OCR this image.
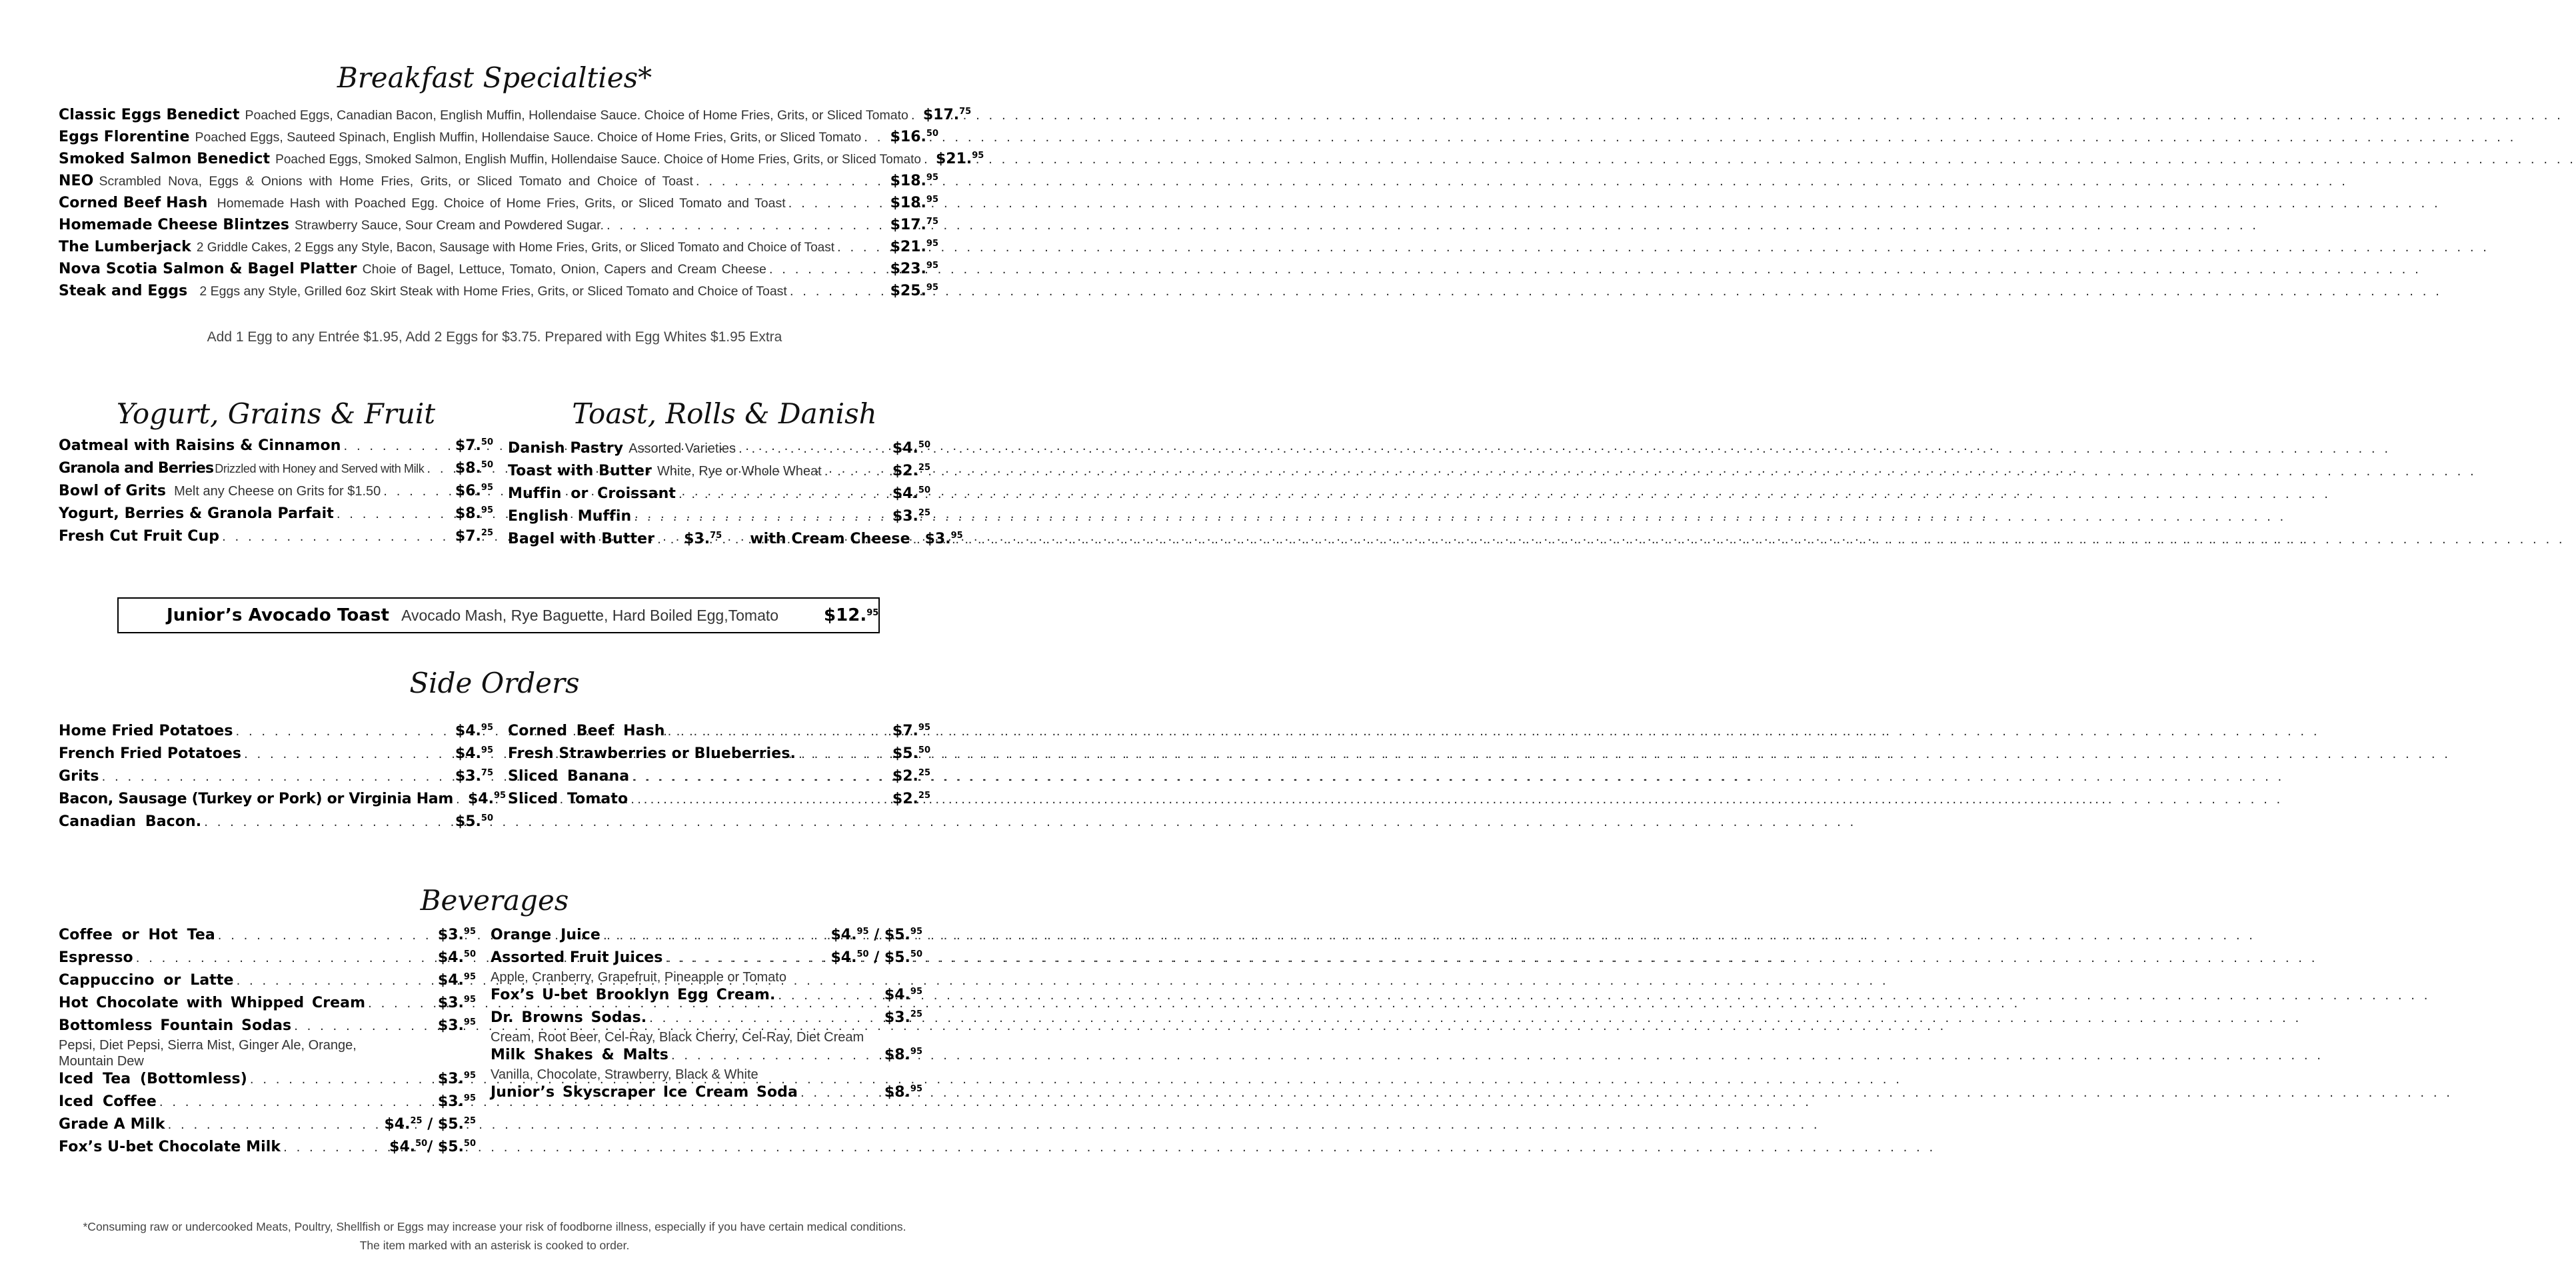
Breakfast Specialties*
Classic Eggs Benedict Poached Eggs, Canadian Bacon, English Muffin, Hollendaise Sauce. Choice of Home Fries, Grits, or Sliced Tomato . . . $17.75
Eggs Florentine Poached Eggs, Sauteed Spinach, English Muffin, Hollendaise Sauce. Choice of Home Fries, Grits, or Sliced Tomato . . . $16.50
Smoked Salmon Benedict Poached Eggs, Smoked Salmon, English Muffin, Hollendaise Sauce. Choice of Home Fries, Grits, or Sliced Tomato . . . $21.95
NEO Scrambled Nova, Eggs & Onions with Home Fries, Grits, or Sliced Tomato and Choice of Toast . . .	$18.95
Corned Beef Hash Homemade Hash with Poached Egg. Choice of Home Fries, Grits, or Sliced Tomato and Toast . . .	$18.95
Homemade Cheese Blintzes Strawberry Sauce, Sour Cream and Powdered Sugar. . . .	$17.75
The Lumberjack 2 Griddle Cakes, 2 Eggs any Style, Bacon, Sausage with Home Fries, Grits, or Sliced Tomato and Choice of Toast . . .	$21.95
Nova Scotia Salmon & Bagel Platter Choie of Bagel, Lettuce, Tomato, Onion, Capers and Cream Cheese . . .	$23.95
Steak and Eggs 2 Eggs any Style, Grilled 6oz Skirt Steak with Home Fries, Grits, or Sliced Tomato and Choice of Toast . . .	$25.95
Add 1 Egg to any Entrée $1.95, Add 2 Eggs for $3.75. Prepared with Egg Whites $1.95 Extra
Yogurt, Grains & Fruit
Oatmeal with Raisins & Cinnamon . . .	$7.50
Granola and Berries Drizzled with Honey and Served with Milk . . . $8.50
Bowl of Grits Melt any Cheese on Grits for $1.50 . . .	$6.95
Yogurt, Berries & Granola Parfait . . .	$8.95
Fresh Cut Fruit Cup . . .	$7.25
Toast, Rolls & Danish
Danish Pastry Assorted Varieties . . .	$4.50
Toast with Butter White, Rye or Whole Wheat . . .	$2.25
Muffin or Croissant . . .	$4.50
English Muffin . . .	$3.25
Bagel with Butter . . . $3.75 with Cream Cheese . . . $3.95
Junior’s Avocado Toast Avocado Mash, Rye Baguette, Hard Boiled Egg,Tomato	$12.95
Side Orders
Home Fried Potatoes . . .	$4.95
French Fried Potatoes . . .	$4.95
Grits . . .	$3.75
Bacon, Sausage (Turkey or Pork) or Virginia Ham . . . $4.95
Canadian Bacon. . . .	$5.50
Corned Beef Hash . . .	$7.95
Fresh Strawberries or Blueberries. . . .	$5.50
Sliced Banana . . .	$2.25
Sliced Tomato . . .	$2.25
Beverages
Coffee or Hot Tea . . .	$3.95
Espresso . . .	$4.50
Cappuccino or Latte . . .	$4.95
Hot Chocolate with Whipped Cream . . .	$3.95
Bottomless Fountain Sodas . . .	$3.95
Pepsi, Diet Pepsi, Sierra Mist, Ginger Ale, Orange, Mountain Dew
Iced Tea (Bottomless) . . .	$3.95
Iced Coffee . . .	$3.95
Grade A Milk . . .	$4.25 / $5.25
Fox’s U-bet Chocolate Milk . . .	$4.50/ $5.50
Orange Juice . . .	$4.95 / $5.95
Assorted Fruit Juices . . .	$4.50 / $5.50
Apple, Cranberry, Grapefruit, Pineapple or Tomato
Fox’s U-bet Brooklyn Egg Cream. . . .	$4.95
Dr. Browns Sodas. . . .	$3.25
Cream, Root Beer, Cel-Ray, Black Cherry, Cel-Ray, Diet Cream
Milk Shakes & Malts . . .	$8.95
Vanilla, Chocolate, Strawberry, Black & White
Junior’s Skyscraper Ice Cream Soda . . .	$8.95
*Consuming raw or undercooked Meats, Poultry, Shellfish or Eggs may increase your risk of foodborne illness, especially if you have certain medical conditions.
The item marked with an asterisk is cooked to order.
